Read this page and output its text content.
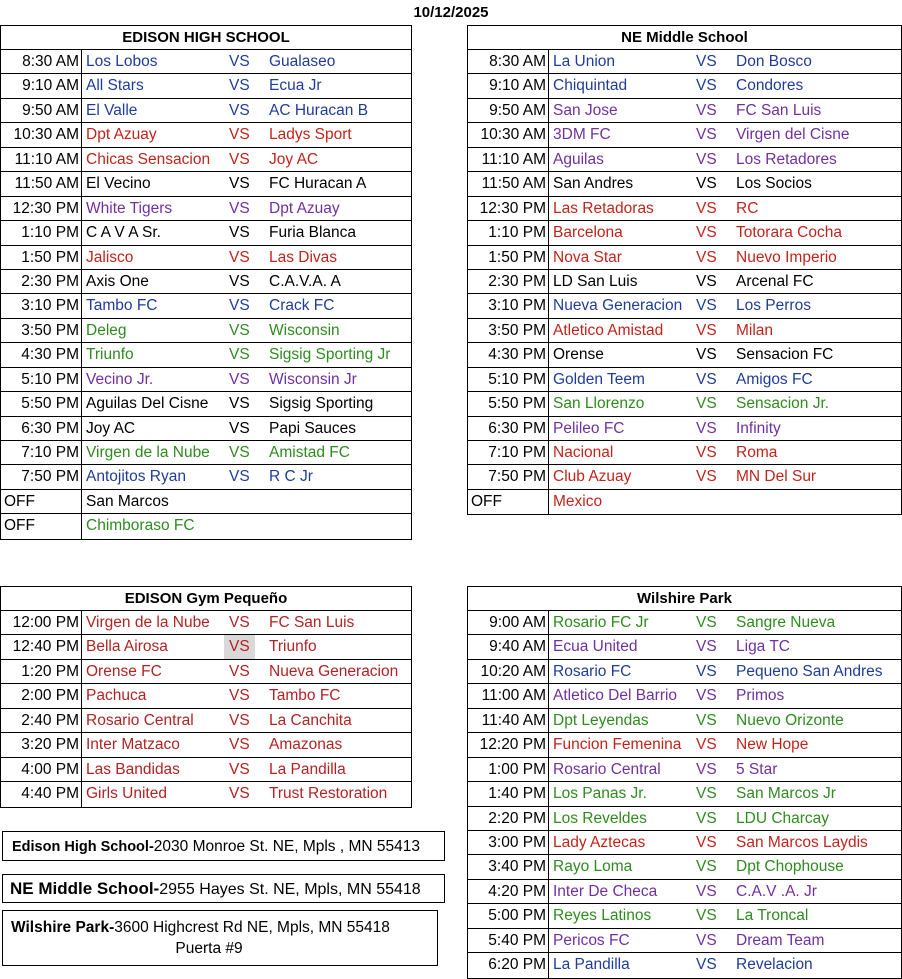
10/12/2025
EDISON HIGH SCHOOL
8:30 AM Los Lobos	VS Gualaseo
9:10 AM All Stars	VS Ecua Jr
9:50 AM El Valle	VS AC Huracan B
10:30 AM Dpt Azuay	VS Ladys Sport
11:10 AM Chicas Sensacion VS Joy AC
11:50 AM El Vecino	VS FC Huracan A
12:30 PM White Tigers	VS Dpt Azuay
1:10 PM C A V A Sr.	VS Furia Blanca
1:50 PM Jalisco	VS Las Divas
2:30 PM Axis One	VS C.A.V.A. A
3:10 PM Tambo FC	VS Crack FC
3:50 PM Deleg	VS Wisconsin
4:30 PM Triunfo	VS Sigsig Sporting Jr
5:10 PM Vecino Jr.	VS Wisconsin Jr
5:50 PM Aguilas Del Cisne VS Sigsig Sporting
6:30 PM Joy AC	VS Papi Sauces
7:10 PM Virgen de la Nube VS Amistad FC
7:50 PM Antojitos Ryan	VS R C Jr
OFF	San Marcos
OFF	Chimboraso FC
NE Middle School
8:30 AM La Union	VS Don Bosco
9:10 AM Chiquintad	VS Condores
9:50 AM San Jose	VS FC San Luis
10:30 AM 3DM FC	VS Virgen del Cisne
11:10 AM Aguilas	VS Los Retadores
11:50 AM San Andres	VS Los Socios
12:30 PM Las Retadoras	VS RC
1:10 PM Barcelona	VS Totorara Cocha
1:50 PM Nova Star	VS Nuevo Imperio
2:30 PM LD San Luis	VS Arcenal FC
3:10 PM Nueva Generacion VS Los Perros
3:50 PM Atletico Amistad VS Milan
4:30 PM Orense	VS Sensacion FC
5:10 PM Golden Teem	VS Amigos FC
5:50 PM San Llorenzo	VS Sensacion Jr.
6:30 PM Pelileo FC	VS Infinity
7:10 PM Nacional	VS Roma
7:50 PM Club Azuay	VS MN Del Sur
OFF	Mexico
EDISON Gym Pequeño
12:00 PM Virgen de la Nube VS FC San Luis
12:40 PM Bella Airosa	VS	Triunfo
1:20 PM Orense FC	VS Nueva Generacion
2:00 PM Pachuca	VS Tambo FC
2:40 PM Rosario Central VS La Canchita
3:20 PM Inter Matzaco	VS Amazonas
4:00 PM Las Bandidas	VS La Pandilla
4:40 PM Girls United	VS Trust Restoration
Wilshire Park
9:00 AM Rosario FC Jr	VS Sangre Nueva
9:40 AM Ecua United	VS Liga TC
10:20 AM Rosario FC	VS Pequeno San Andres
11:00 AM Atletico Del Barrio VS Primos
11:40 AM Dpt Leyendas	VS Nuevo Orizonte
12:20 PM Funcion Femenina VS New Hope
1:00 PM Rosario Central VS 5 Star
1:40 PM Los Panas Jr.	VS San Marcos Jr
2:20 PM Los Reveldes	VS LDU Charcay
3:00 PM Lady Aztecas	VS San Marcos Laydis
3:40 PM Rayo Loma	VS Dpt Chophouse
4:20 PM Inter De Checa	VS C.A.V .A. Jr
5:00 PM Reyes Latinos	VS La Troncal
5:40 PM Pericos FC	VS Dream Team
6:20 PM La Pandilla	VS Revelacion
Edison High School-2030 Monroe St. NE, Mpls , MN 55413
NE Middle School-2955 Hayes St. NE, Mpls, MN 55418
Wilshire Park-3600 Highcrest Rd NE, Mpls, MN 55418
Puerta #9
